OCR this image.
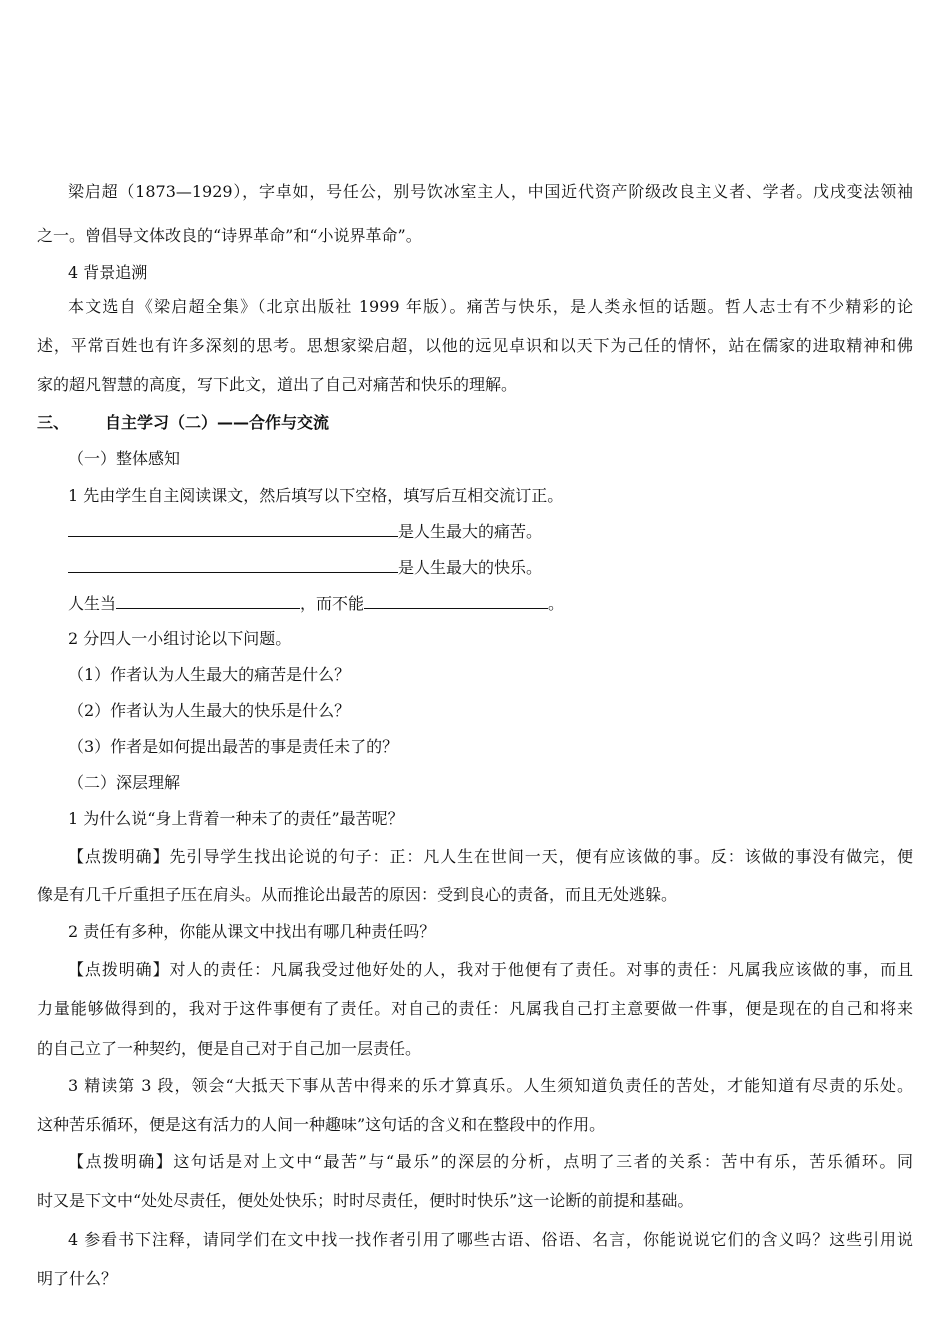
梁启超（1873—1929），字卓如，号任公，别号饮冰室主人，中国近代资产阶级改良主义者、学者。戊戌变法领袖
之一。曾倡导文体改良的“诗界革命”和“小说界革命”。
4 背景追溯
本文选自《梁启超全集》（北京出版社 1999 年版）。痛苦与快乐，是人类永恒的话题。哲人志士有不少精彩的论
述，平常百姓也有许多深刻的思考。思想家梁启超，以他的远见卓识和以天下为己任的情怀，站在儒家的进取精神和佛
家的超凡智慧的高度，写下此文，道出了自己对痛苦和快乐的理解。
三、 自主学习（二）——合作与交流
（一）整体感知
1 先由学生自主阅读课文，然后填写以下空格，填写后互相交流订正。
是人生最大的痛苦。
是人生最大的快乐。
人生当	，而不能	。
2 分四人一小组讨论以下问题。
（1）作者认为人生最大的痛苦是什么？
（2）作者认为人生最大的快乐是什么？
（3）作者是如何提出最苦的事是责任未了的？
（二）深层理解
1 为什么说“身上背着一种未了的责任”最苦呢？
【点拨明确】先引导学生找出论说的句子：正：凡人生在世间一天，便有应该做的事。反：该做的事没有做完，便
像是有几千斤重担子压在肩头。从而推论出最苦的原因：受到良心的责备，而且无处逃躲。
2 责任有多种，你能从课文中找出有哪几种责任吗？
【点拨明确】对人的责任：凡属我受过他好处的人，我对于他便有了责任。对事的责任：凡属我应该做的事，而且
力量能够做得到的，我对于这件事便有了责任。对自己的责任：凡属我自己打主意要做一件事，便是现在的自己和将来
的自己立了一种契约，便是自己对于自己加一层责任。
3 精读第 3 段，领会“大抵天下事从苦中得来的乐才算真乐。人生须知道负责任的苦处，才能知道有尽责的乐处。
这种苦乐循环，便是这有活力的人间一种趣味”这句话的含义和在整段中的作用。
【点拨明确】这句话是对上文中“最苦”与“最乐”的深层的分析，点明了三者的关系：苦中有乐，苦乐循环。同
时又是下文中“处处尽责任，便处处快乐；时时尽责任，便时时快乐”这一论断的前提和基础。
4 参看书下注释，请同学们在文中找一找作者引用了哪些古语、俗语、名言，你能说说它们的含义吗？这些引用说
明了什么？
